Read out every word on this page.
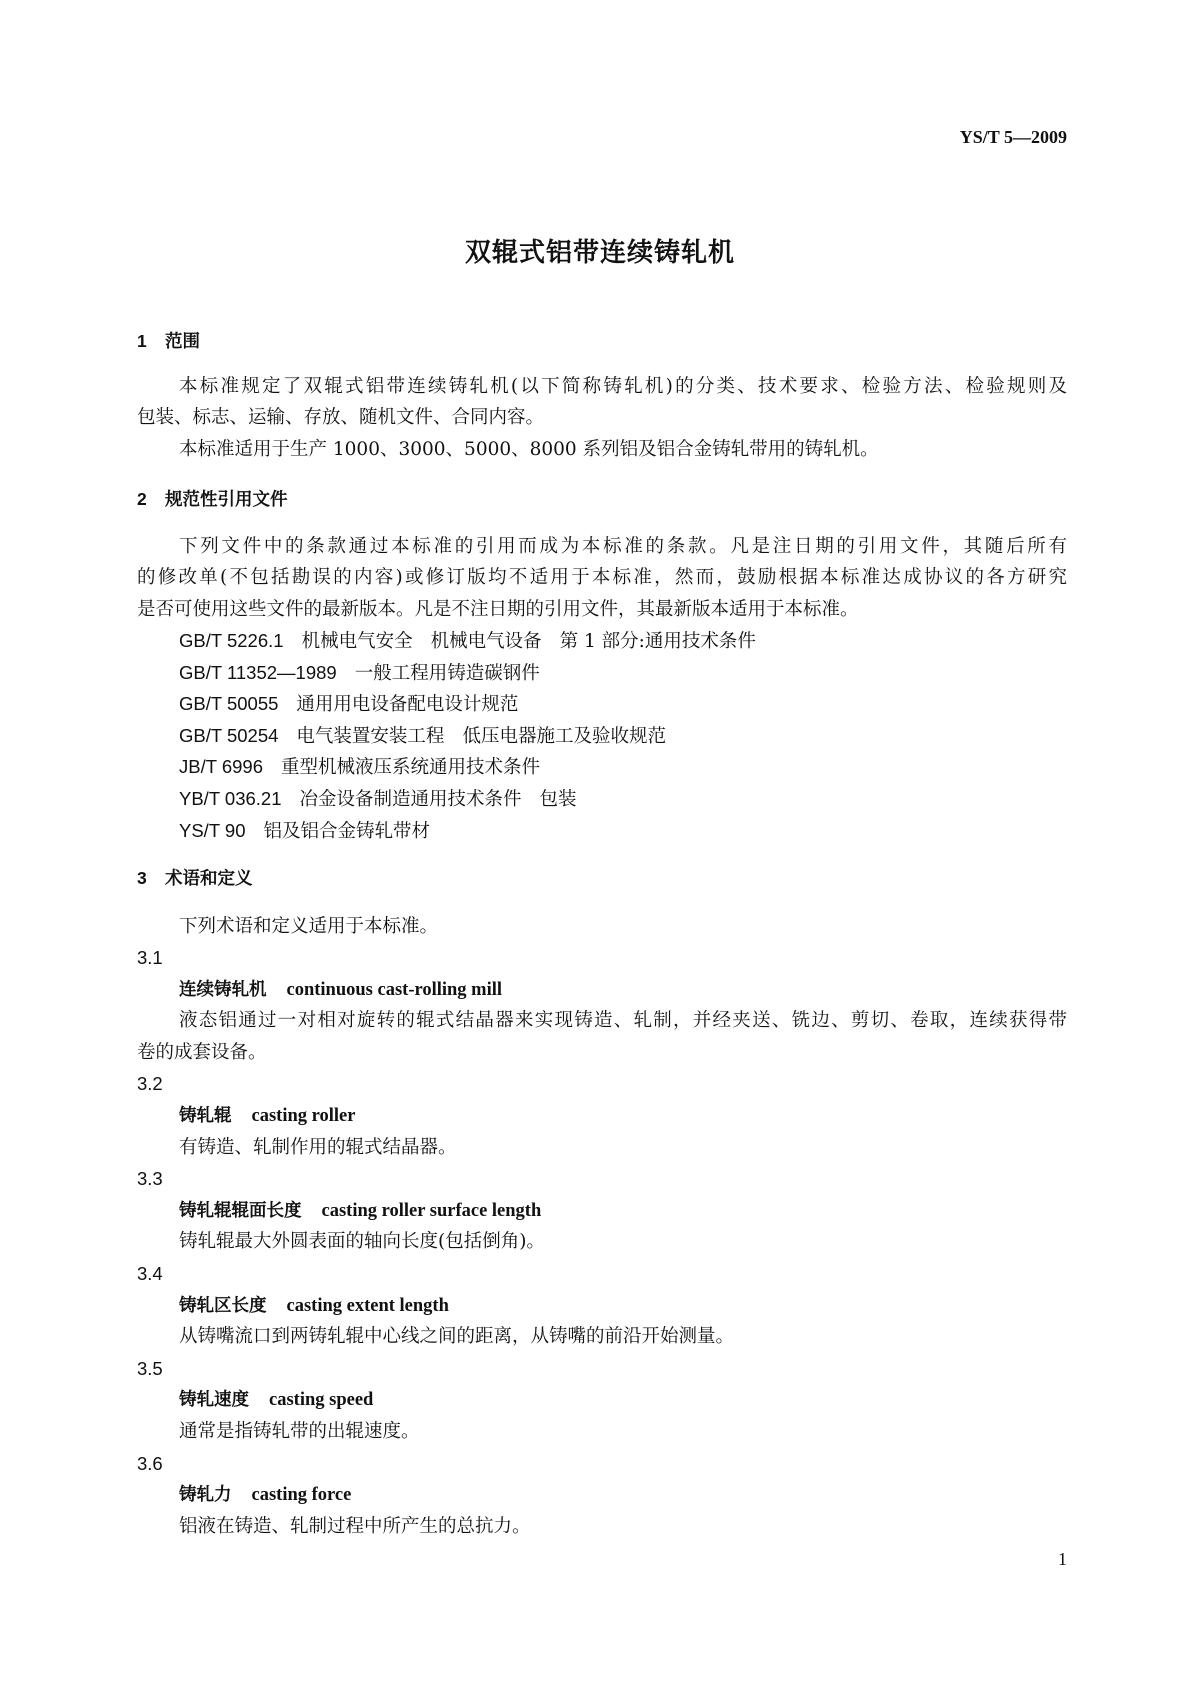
YS/T 5—2009
双辊式铝带连续铸轧机
1 范围
本标准规定了双辊式铝带连续铸轧机(以下简称铸轧机)的分类、技术要求、检验方法、检验规则及
包装、标志、运输、存放、随机文件、合同内容。
本标准适用于生产 1000、3000、5000、8000 系列铝及铝合金铸轧带用的铸轧机。
2 规范性引用文件
下列文件中的条款通过本标准的引用而成为本标准的条款。凡是注日期的引用文件，其随后所有
的修改单(不包括勘误的内容)或修订版均不适用于本标准，然而，鼓励根据本标准达成协议的各方研究
是否可使用这些文件的最新版本。凡是不注日期的引用文件，其最新版本适用于本标准。
GB/T 5226.1 机械电气安全 机械电气设备 第 1 部分:通用技术条件
GB/T 11352—1989 一般工程用铸造碳钢件
GB/T 50055 通用用电设备配电设计规范
GB/T 50254 电气装置安装工程 低压电器施工及验收规范
JB/T 6996 重型机械液压系统通用技术条件
YB/T 036.21 冶金设备制造通用技术条件 包装
YS/T 90 铝及铝合金铸轧带材
3 术语和定义
下列术语和定义适用于本标准。
3.1
连续铸轧机 continuous cast-rolling mill
液态铝通过一对相对旋转的辊式结晶器来实现铸造、轧制，并经夹送、铣边、剪切、卷取，连续获得带
卷的成套设备。
3.2
铸轧辊 casting roller
有铸造、轧制作用的辊式结晶器。
3.3
铸轧辊辊面长度 casting roller surface length
铸轧辊最大外圆表面的轴向长度(包括倒角)。
3.4
铸轧区长度 casting extent length
从铸嘴流口到两铸轧辊中心线之间的距离，从铸嘴的前沿开始测量。
3.5
铸轧速度 casting speed
通常是指铸轧带的出辊速度。
3.6
铸轧力 casting force
铝液在铸造、轧制过程中所产生的总抗力。
1
